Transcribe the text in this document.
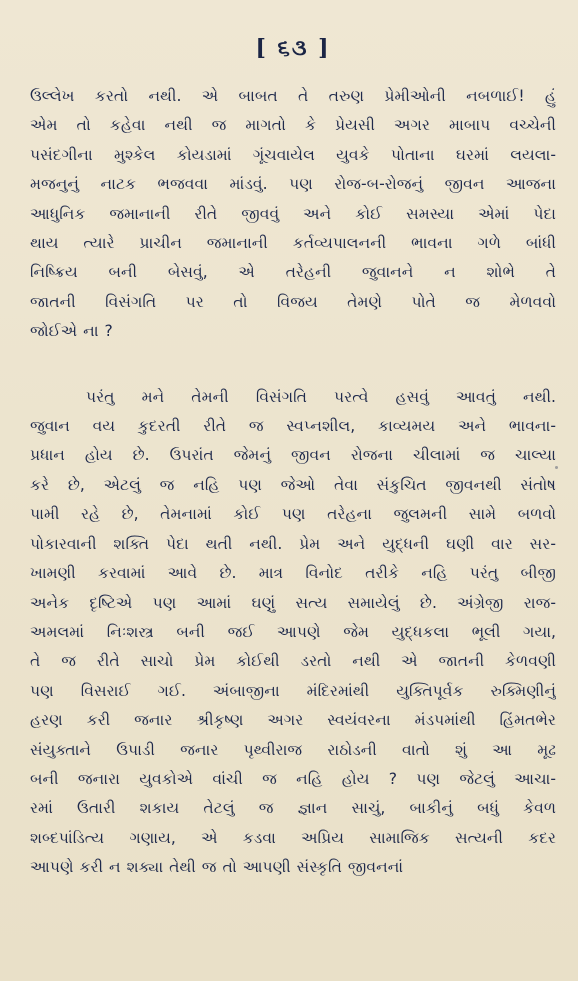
[ ૬૩ ]

ઉલ્લેખ કરતો નથી. એ બાબત તે તરુણ પ્રેમીઓની નબળાઈ! હું
એમ તો કહેવા નથી જ માગતો કે પ્રેયસી અગર માબાપ વચ્ચેની
પસંદગીના મુશ્કેલ કોયડામાં ગૂંચવાયેલ યુવકે પોતાના ઘરમાં લયલા-
મજનુનું નાટક ભજવવા માંડવું. પણ રોજ-બ-રોજનું જીવન આજના
આધુનિક જમાનાની રીતે જીવવું અને કોઈ સમસ્યા એમાં પેદા
થાય ત્યારે પ્રાચીન જમાનાની કર્તવ્યપાલનની ભાવના ગળે બાંધી
નિષ્ક્રિય બની બેસવું, એ તરેહની જુવાનને ન શોભે તે
જાતની વિસંગતિ પર તો વિજય તેમણે પોતે જ મેળવવો
જોઈએ ના ?

પરંતુ મને તેમની વિસંગતિ પરત્વે હસવું આવતું નથી.
જુવાન વય કુદરતી રીતે જ સ્વપ્નશીલ, કાવ્યમય અને ભાવના-
પ્રધાન હોય છે. ઉપરાંત જેમનું જીવન રોજના ચીલામાં જ ચાલ્યા
કરે છે, એટલું જ નહિ પણ જેઓ તેવા સંકુચિત જીવનથી સંતોષ
પામી રહે છે, તેમનામાં કોઈ પણ તરેહના જુલમની સામે બળવો
પોકારવાની શક્તિ પેદા થતી નથી. પ્રેમ અને યુદ્ધની ઘણી વાર સર-
ખામણી કરવામાં આવે છે. માત્ર વિનોદ તરીકે નહિ પરંતુ બીજી
અનેક દૃષ્ટિએ પણ આમાં ઘણું સત્ય સમાયેલું છે. અંગ્રેજી રાજ-
અમલમાં નિઃશસ્ત્ર બની જઈ આપણે જેમ યુદ્ધકલા ભૂલી ગયા,
તે જ રીતે સાચો પ્રેમ કોઈથી ડરતો નથી એ જાતની કેળવણી
પણ વિસરાઈ ગઈ. અંબાજીના મંદિરમાંથી યુક્તિપૂર્વક રુક્મિણીનું
હરણ કરી જનાર શ્રીકૃષ્ણ અગર સ્વયંવરના મંડપમાંથી હિંમતભેર
સંયુક્તાને ઉપાડી જનાર પૃથ્વીરાજ રાઠોડની વાતો શું આ મૂઢ
બની જનારા યુવકોએ વાંચી જ નહિ હોય ? પણ જેટલું આચા-
રમાં ઉતારી શકાય તેટલું જ જ્ઞાન સાચું, બાકીનું બધું કેવળ
શબ્દપાંડિત્ય ગણાય, એ કડવા અપ્રિય સામાજિક સત્યની કદર
આપણે કરી ન શક્યા તેથી જ તો આપણી સંસ્કૃતિ જીવનનાં
